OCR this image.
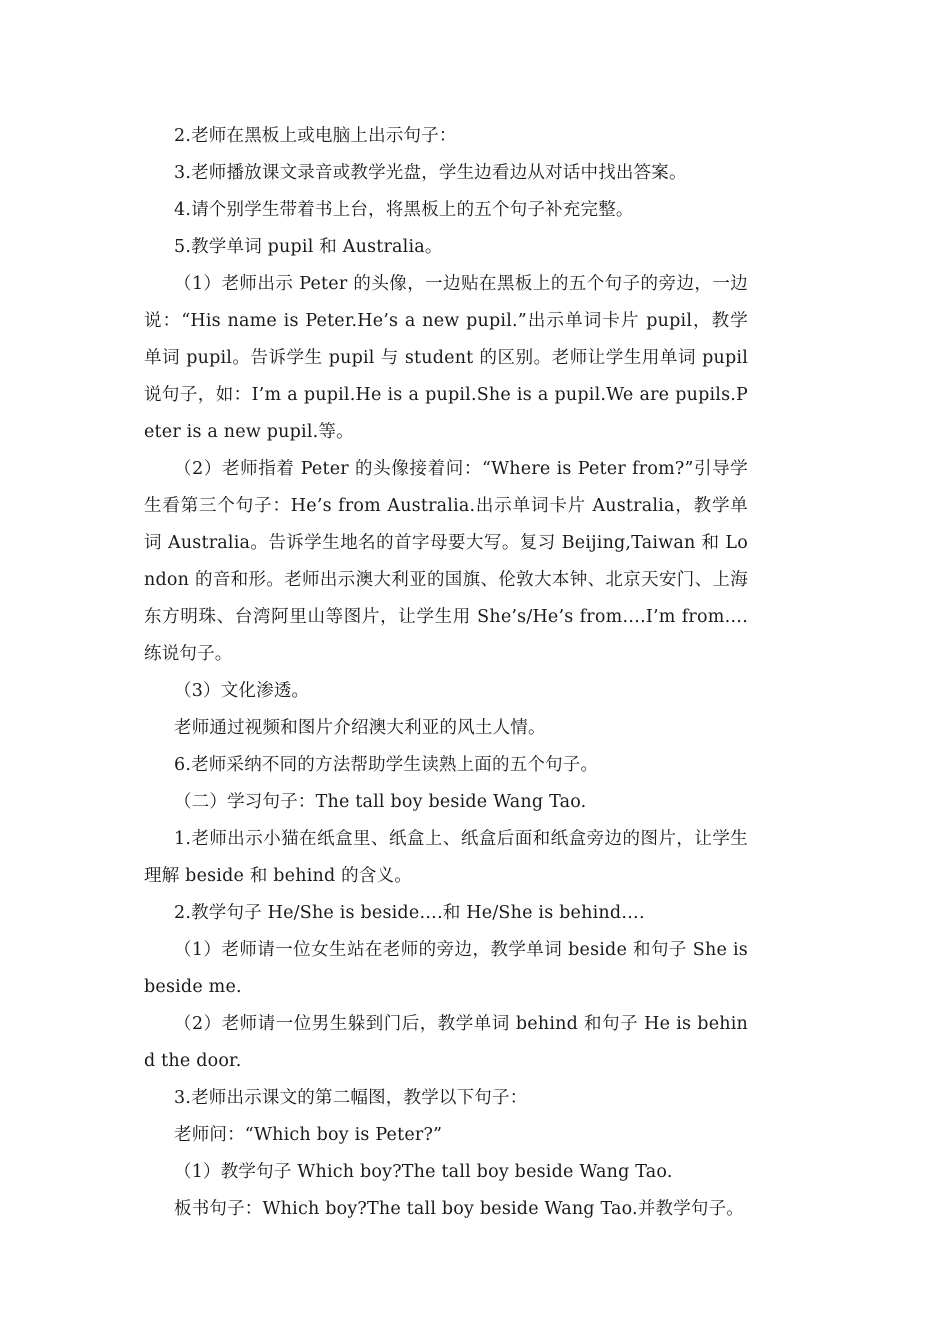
2.老师在黑板上或电脑上出示句子：

3.老师播放课文录音或教学光盘，学生边看边从对话中找出答案。

4.请个别学生带着书上台，将黑板上的五个句子补充完整。

5.教学单词 pupil 和 Australia。

（1）老师出示 Peter 的头像，一边贴在黑板上的五个句子的旁边，一边说：“His name is Peter.He’s a new pupil.”出示单词卡片 pupil，教学单词 pupil。告诉学生 pupil 与 student 的区别。老师让学生用单词 pupil 说句子，如：I’m a pupil.He is a pupil.She is a pupil.We are pupils.Peter is a new pupil.等。

（2）老师指着 Peter 的头像接着问：“Where is Peter from?”引导学生看第三个句子：He’s from Australia.出示单词卡片 Australia，教学单词 Australia。告诉学生地名的首字母要大写。复习 Beijing,Taiwan 和 London 的音和形。老师出示澳大利亚的国旗、伦敦大本钟、北京天安门、上海东方明珠、台湾阿里山等图片，让学生用 She’s/He’s from….I’m from….练说句子。

（3）文化渗透。

老师通过视频和图片介绍澳大利亚的风土人情。

6.老师采纳不同的方法帮助学生读熟上面的五个句子。

（二）学习句子：The tall boy beside Wang Tao.

1.老师出示小猫在纸盒里、纸盒上、纸盒后面和纸盒旁边的图片，让学生理解 beside 和 behind 的含义。

2.教学句子 He/She is beside….和 He/She is behind….

（1）老师请一位女生站在老师的旁边，教学单词 beside 和句子 She is beside me.

（2）老师请一位男生躲到门后，教学单词 behind 和句子 He is behind the door.

3.老师出示课文的第二幅图，教学以下句子：

老师问：“Which boy is Peter?”

（1）教学句子 Which boy?The tall boy beside Wang Tao.

板书句子：Which boy?The tall boy beside Wang Tao.并教学句子。
